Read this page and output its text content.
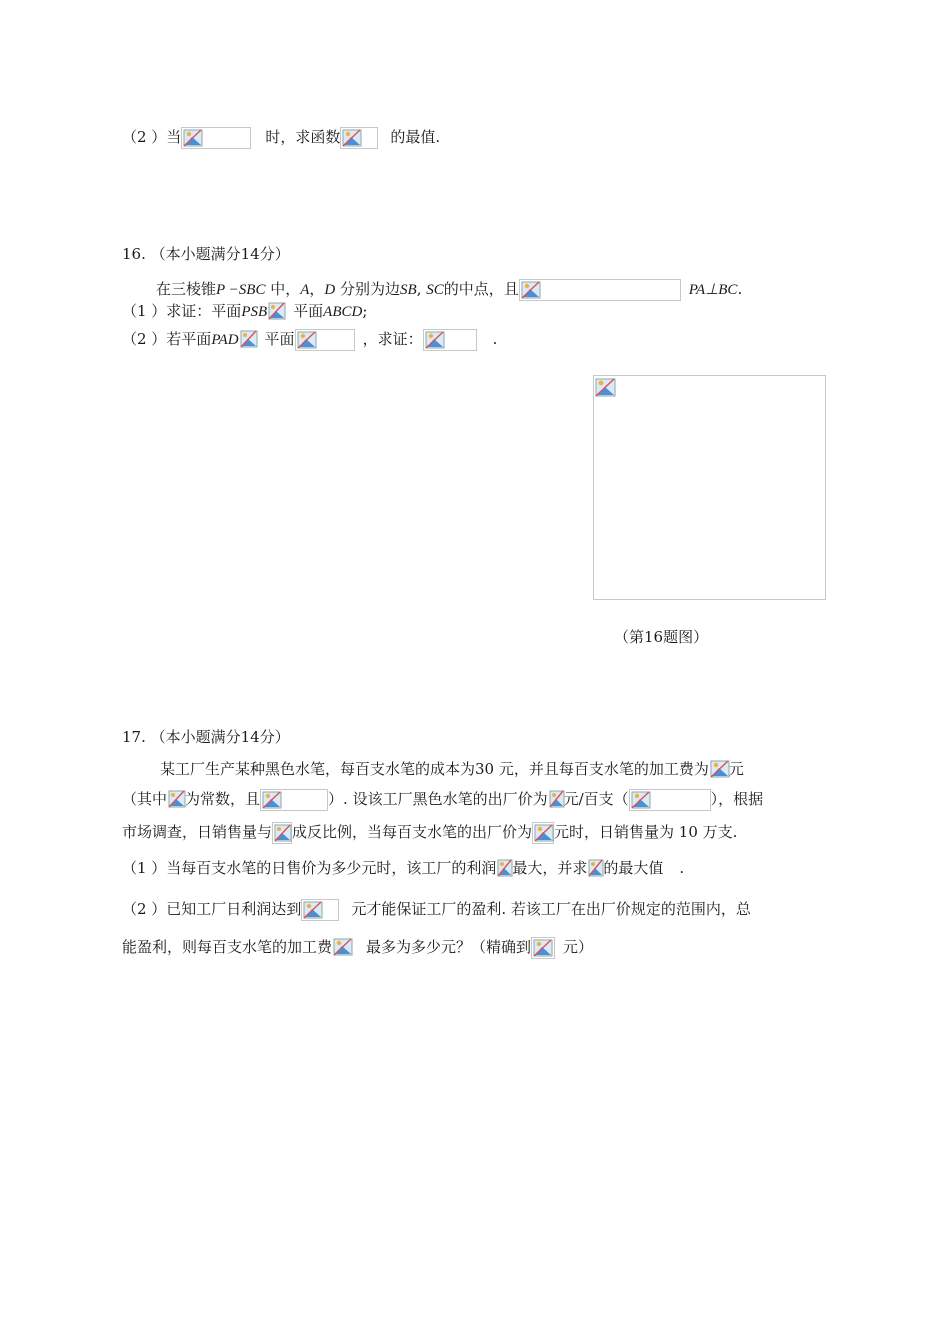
（2 ）当	时，求函数	的最值.
16. （本小题满分14分）
在三棱锥P −SBC 中，A，D 分别为边SB, SC的中点，且	PA⊥BC.
（1 ）求证：平面PSB 平面ABCD;
（2 ）若平面PAD 平面	，求证：	.
（第16题图）
17. （本小题满分14分）
某工厂生产某种黑色水笔，每百支水笔的成本为30 元，并且每百支水笔的加工费为 元
（其中 为常数，且	）. 设该工厂黑色水笔的出厂价为 元/百支（	），根据
市场调查，日销售量与 成反比例，当每百支水笔的出厂价为 元时，日销售量为 10 万支.
（1 ）当每百支水笔的日售价为多少元时，该工厂的利润 最大，并求 的最大值 .
（2 ）已知工厂日利润达到	元才能保证工厂的盈利. 若该工厂在出厂价规定的范围内，总
能盈利，则每百支水笔的加工费 最多为多少元？（精确到 元）
